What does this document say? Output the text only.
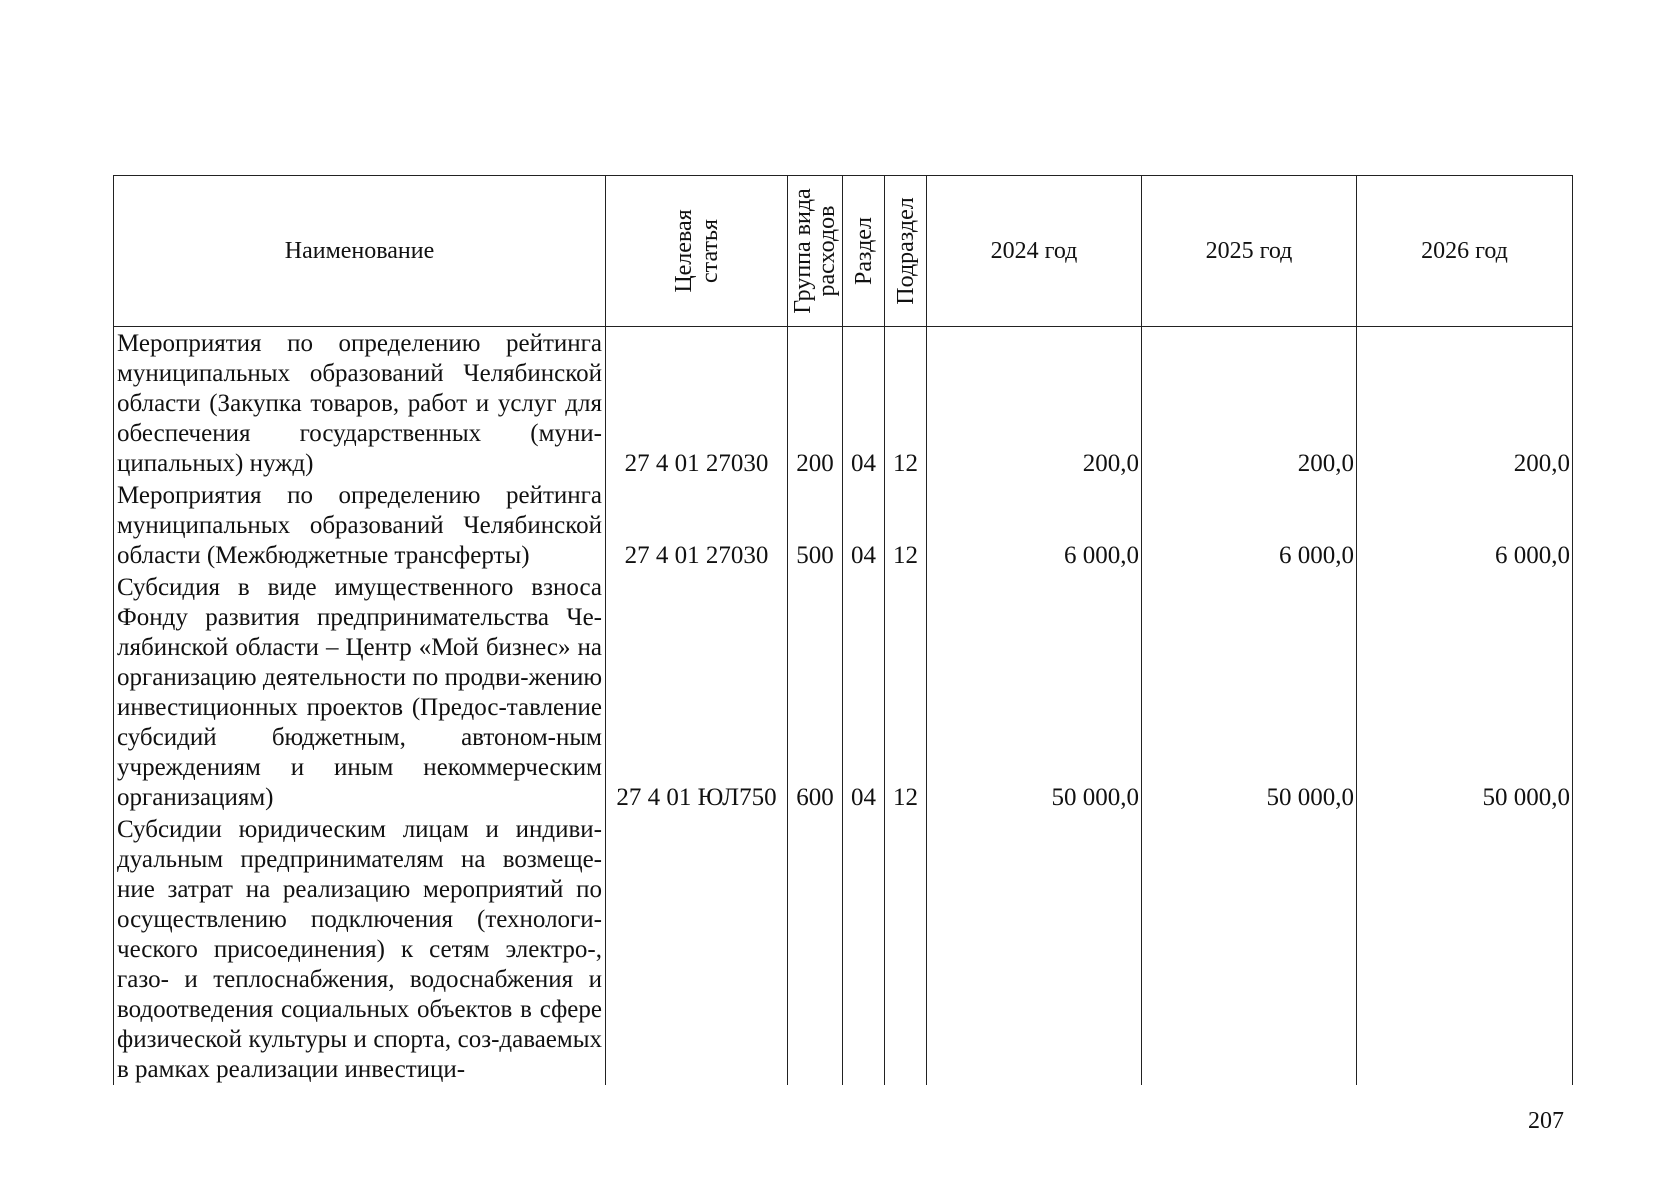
Наименование	Целевая статья	Группа вида расходов	Раздел	Подраздел	2024 год	2025 год	2026 год
Мероприятия по определению рейтинга муниципальных образований Челябинской области (Закупка товаров, работ и услуг для обеспечения государственных (муни-ципальных) нужд)	27 4 01 27030	200	04	12	200,0	200,0	200,0
Мероприятия по определению рейтинга муниципальных образований Челябинской области (Межбюджетные трансферты)	27 4 01 27030	500	04	12	6 000,0	6 000,0	6 000,0
Субсидия в виде имущественного взноса Фонду развития предпринимательства Че-лябинской области – Центр «Мой бизнес» на организацию деятельности по продви-жению инвестиционных проектов (Предос-тавление субсидий бюджетным, автоном-ным учреждениям и иным некоммерческим организациям)	27 4 01 ЮЛ750	600	04	12	50 000,0	50 000,0	50 000,0
Субсидии юридическим лицам и индиви-дуальным предпринимателям на возмеще-ние затрат на реализацию мероприятий по осуществлению подключения (технологи-ческого присоединения) к сетям электро-, газо- и теплоснабжения, водоснабжения и водоотведения социальных объектов в сфере физической культуры и спорта, соз-даваемых в рамках реализации инвестици-							
207
